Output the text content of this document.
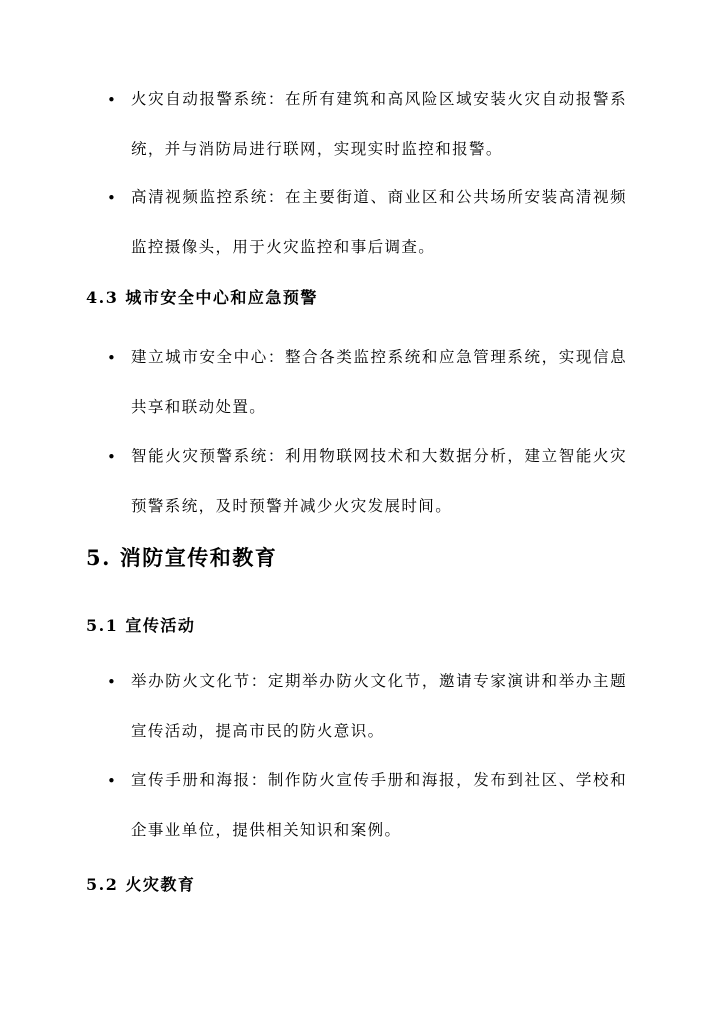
• 火灾自动报警系统：在所有建筑和高风险区域安装火灾自动报警系统，并与消防局进行联网，实现实时监控和报警。
• 高清视频监控系统：在主要街道、商业区和公共场所安装高清视频监控摄像头，用于火灾监控和事后调查。
4.3 城市安全中心和应急预警
• 建立城市安全中心：整合各类监控系统和应急管理系统，实现信息共享和联动处置。
• 智能火灾预警系统：利用物联网技术和大数据分析，建立智能火灾预警系统，及时预警并减少火灾发展时间。
5. 消防宣传和教育
5.1 宣传活动
• 举办防火文化节：定期举办防火文化节，邀请专家演讲和举办主题宣传活动，提高市民的防火意识。
• 宣传手册和海报：制作防火宣传手册和海报，发布到社区、学校和企事业单位，提供相关知识和案例。
5.2 火灾教育
